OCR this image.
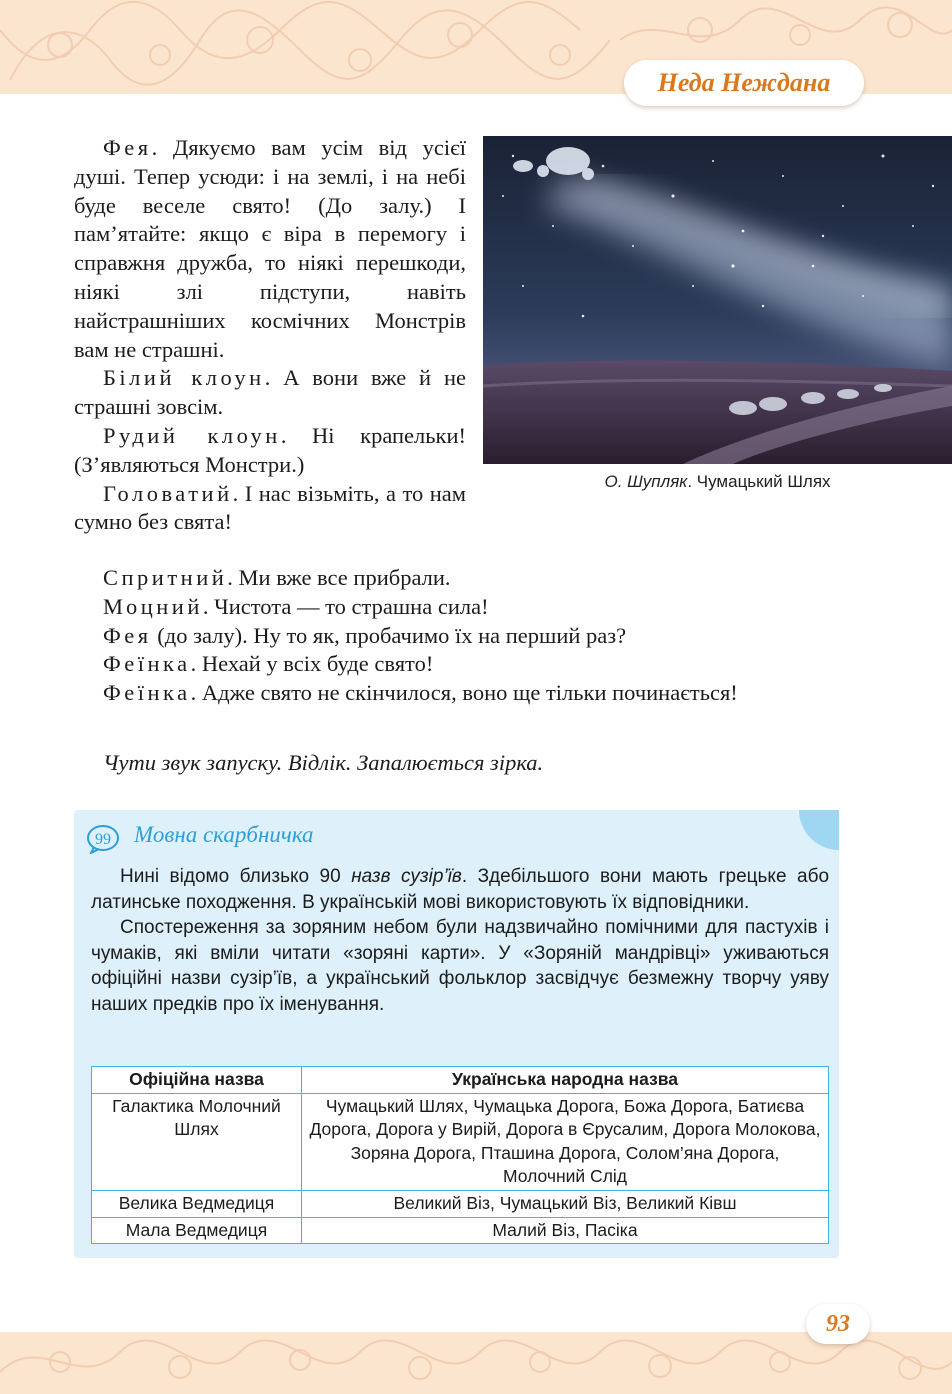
Неда Неждана

Фея. Дякуємо вам усім від усієї душі. Тепер усюди: і на землі, і на небі буде веселе свято! (До залу.) І пам’ятайте: якщо є віра в перемогу і справжня дружба, то ніякі перешкоди, ніякі злі підступи, навіть найстрашніших космічних Монстрів вам не страшні.

Білий клоун. А вони вже й не страшні зовсім.

Рудий клоун. Ні крапельки! (З’являються Монстри.)

Головатий. І нас візьміть, а то нам сумно без свята!

О. Шупляк. Чумацький Шлях

Спритний. Ми вже все прибрали.

Моцний. Чистота — то страшна сила!

Фея (до залу). Ну то як, пробачимо їх на перший раз?

Феїнка. Нехай у всіх буде свято!

Феїнка. Адже свято не скінчилося, воно ще тільки починається!

Чути звук запуску. Відлік. Запалюється зірка.
99 Мовна скарбничка

Нині відомо близько 90 назв сузір’їв. Здебільшого вони мають грецьке або латинське походження. В українській мові використовують їх відповідники.

Спостереження за зоряним небом були надзвичайно помічними для пастухів і чумаків, які вміли читати «зоряні карти». У «Зоряній мандрівці» уживаються офіційні назви сузір’їв, а український фольклор засвідчує безмежну творчу уяву наших предків про їх іменування.

Офіційна назва	Українська народна назва
Галактика Молочний Шлях	Чумацький Шлях, Чумацька Дорога, Божа Дорога, Батиєва Дорога, Дорога у Вирій, Дорога в Єрусалим, Дорога Молокова, Зоряна Дорога, Пташина Дорога, Солом’яна Дорога, Молочний Слід
Велика Ведмедиця	Великий Віз, Чумацький Віз, Великий Ківш
Мала Ведмедиця	Малий Віз, Пасіка
93
